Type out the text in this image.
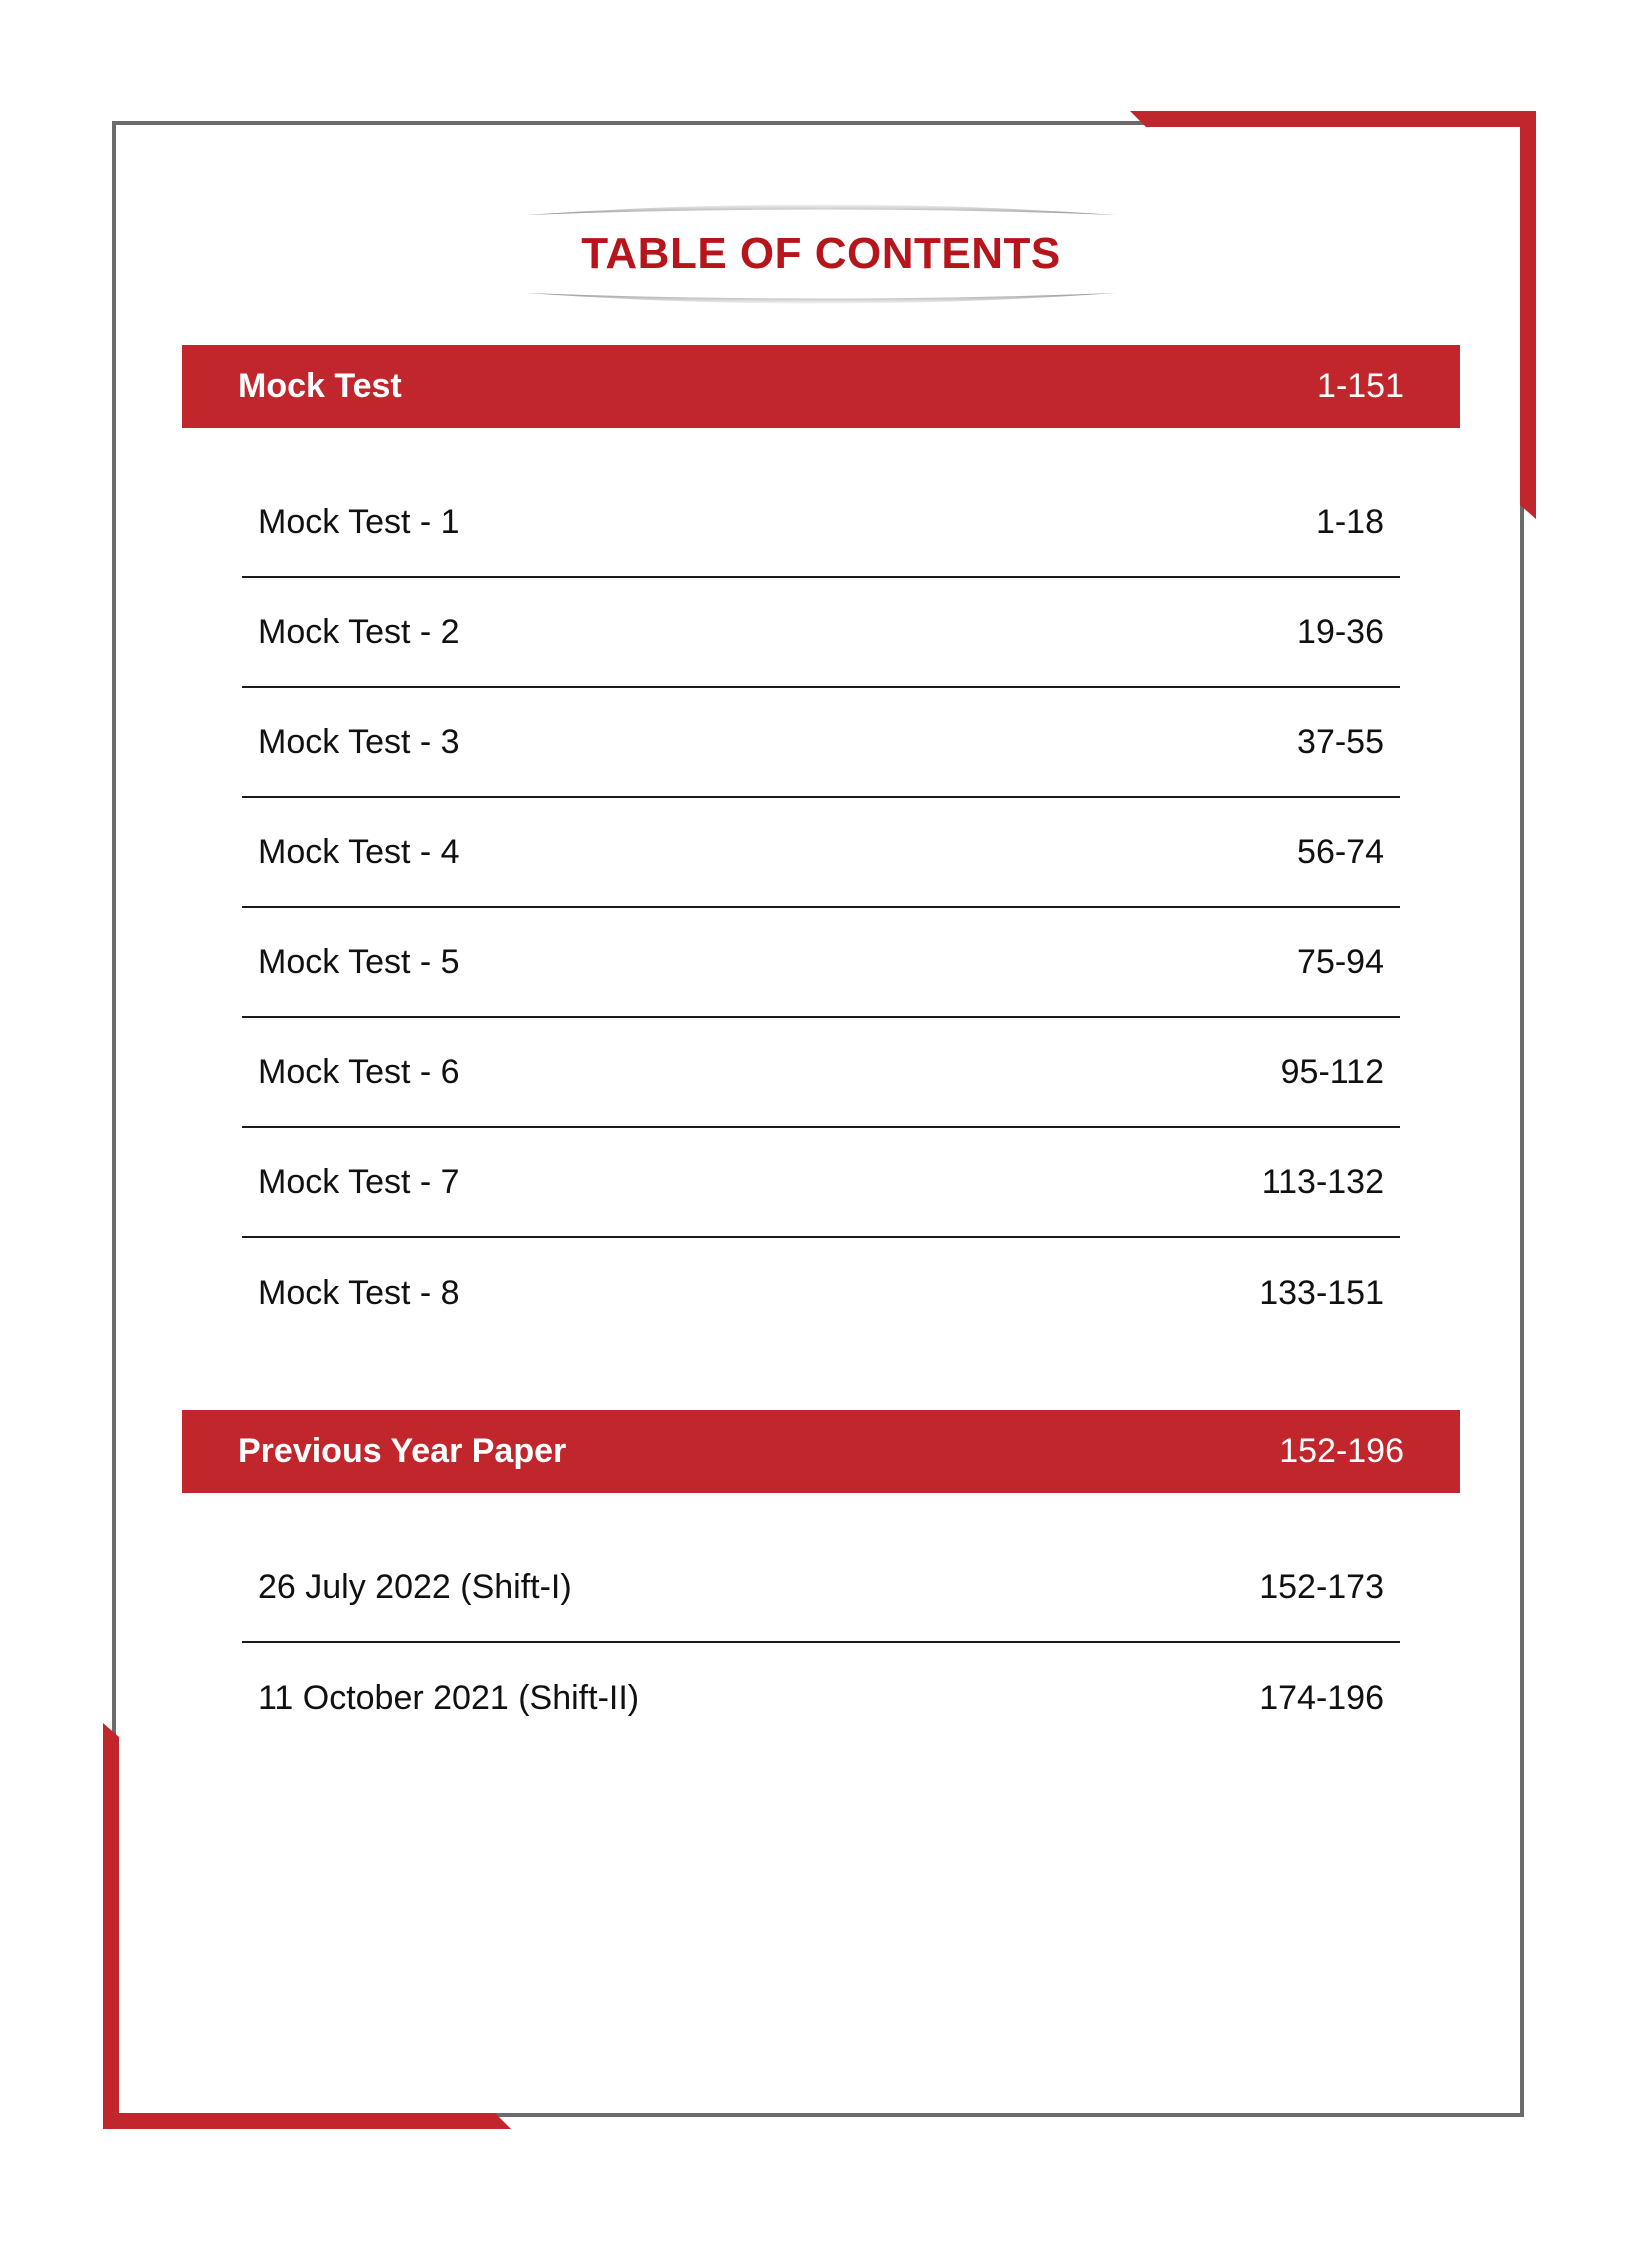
TABLE OF CONTENTS
Mock Test	1-151
Mock Test - 1	1-18
Mock Test - 2	19-36
Mock Test - 3	37-55
Mock Test - 4	56-74
Mock Test - 5	75-94
Mock Test - 6	95-112
Mock Test - 7	113-132
Mock Test - 8	133-151
Previous Year Paper	152-196
26 July 2022 (Shift-I)	152-173
11 October 2021 (Shift-II)	174-196
